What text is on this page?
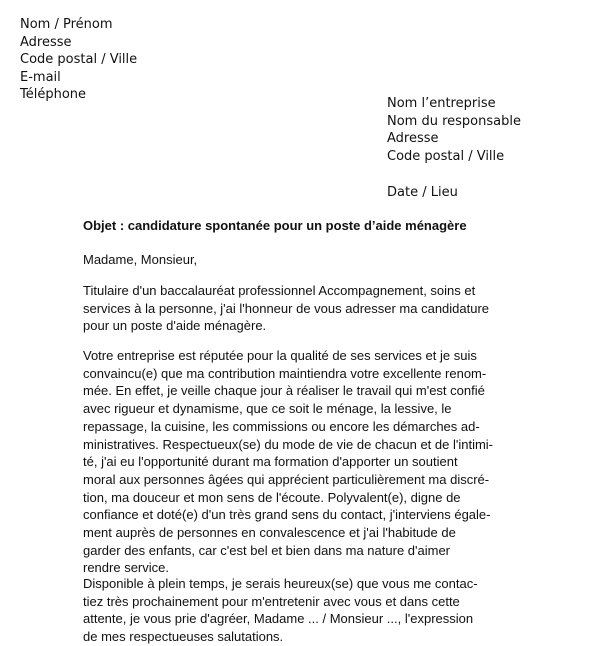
Nom / Prénom
Adresse
Code postal / Ville
E-mail
Téléphone
Nom l’entreprise
Nom du responsable
Adresse
Code postal / Ville
Date / Lieu
Objet : candidature spontanée pour un poste d’aide ménagère
Madame, Monsieur,
Titulaire d'un baccalauréat professionnel Accompagnement, soins et
services à la personne, j'ai l'honneur de vous adresser ma candidature
pour un poste d'aide ménagère.
Votre entreprise est réputée pour la qualité de ses services et je suis
convaincu(e) que ma contribution maintiendra votre excellente renom-
mée. En effet, je veille chaque jour à réaliser le travail qui m'est confié
avec rigueur et dynamisme, que ce soit le ménage, la lessive, le
repassage, la cuisine, les commissions ou encore les démarches ad-
ministratives. Respectueux(se) du mode de vie de chacun et de l'intimi-
té, j'ai eu l'opportunité durant ma formation d'apporter un soutient
moral aux personnes âgées qui apprécient particulièrement ma discré-
tion, ma douceur et mon sens de l'écoute. Polyvalent(e), digne de
confiance et doté(e) d'un très grand sens du contact, j'interviens égale-
ment auprès de personnes en convalescence et j'ai l'habitude de
garder des enfants, car c'est bel et bien dans ma nature d'aimer
rendre service.
Disponible à plein temps, je serais heureux(se) que vous me contac-
tiez très prochainement pour m'entretenir avec vous et dans cette
attente, je vous prie d'agréer, Madame ... / Monsieur ..., l'expression
de mes respectueuses salutations.
